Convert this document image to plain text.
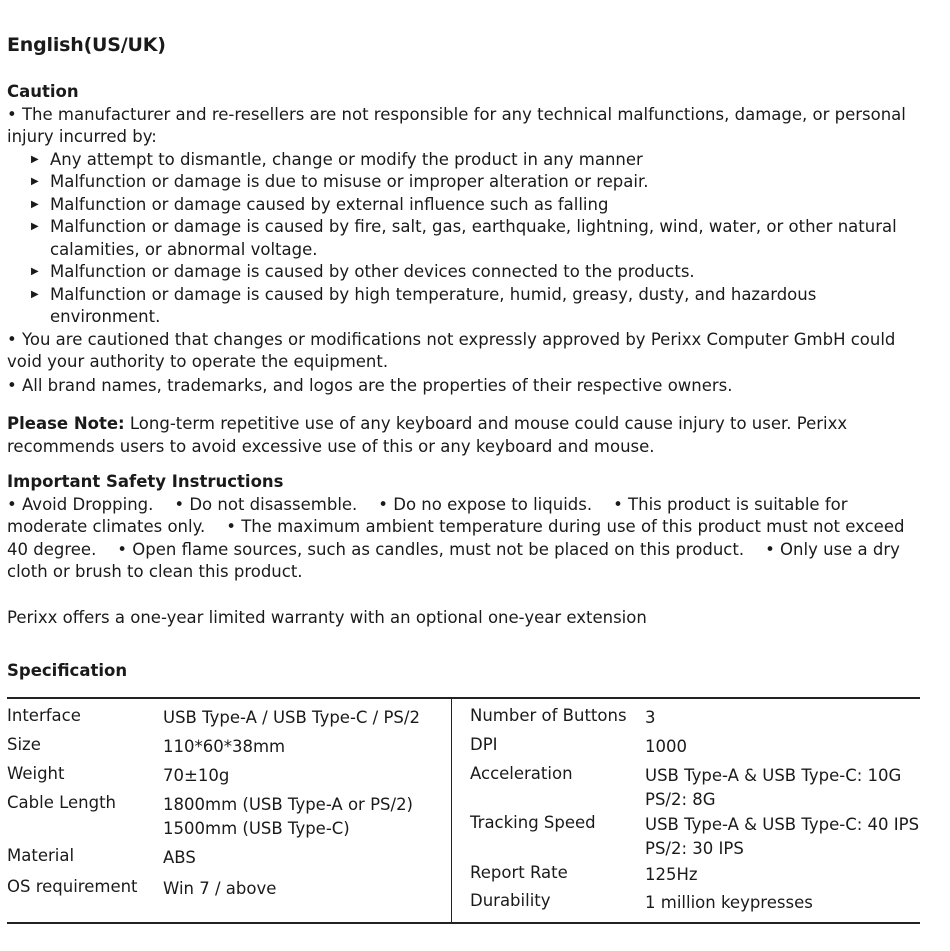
English(US/UK)
Caution

• The manufacturer and re-resellers are not responsible for any technical malfunctions, damage, or personal injury incurred by:

▶ Any attempt to dismantle, change or modify the product in any manner
▶ Malfunction or damage is due to misuse or improper alteration or repair.
▶ Malfunction or damage caused by external influence such as falling
▶ Malfunction or damage is caused by fire, salt, gas, earthquake, lightning, wind, water, or other natural calamities, or abnormal voltage.
▶ Malfunction or damage is caused by other devices connected to the products.
▶ Malfunction or damage is caused by high temperature, humid, greasy, dusty, and hazardous environment.

• You are cautioned that changes or modifications not expressly approved by Perixx Computer GmbH could void your authority to operate the equipment.

• All brand names, trademarks, and logos are the properties of their respective owners.

Please Note: Long-term repetitive use of any keyboard and mouse could cause injury to user. Perixx recommends users to avoid excessive use of this or any keyboard and mouse.

Important Safety Instructions

• Avoid Dropping.    • Do not disassemble.    • Do no expose to liquids.    • This product is suitable for moderate climates only.    • The maximum ambient temperature during use of this product must not exceed 40 degree.    • Open flame sources, such as candles, must not be placed on this product.    • Only use a dry cloth or brush to clean this product.

Perixx offers a one-year limited warranty with an optional one-year extension
Specification
Interface	USB Type-A / USB Type-C / PS/2
Size	110*60*38mm
Weight	70±10g
Cable Length	1800mm (USB Type-A or PS/2)
1500mm (USB Type-C)
Material	ABS
OS requirement Win 7 / above
Number of Buttons 3
DPI	1000
Acceleration	USB Type-A & USB Type-C: 10G
PS/2: 8G
Tracking Speed	USB Type-A & USB Type-C: 40 IPS
PS/2: 30 IPS
Report Rate	125Hz
Durability	1 million keypresses
